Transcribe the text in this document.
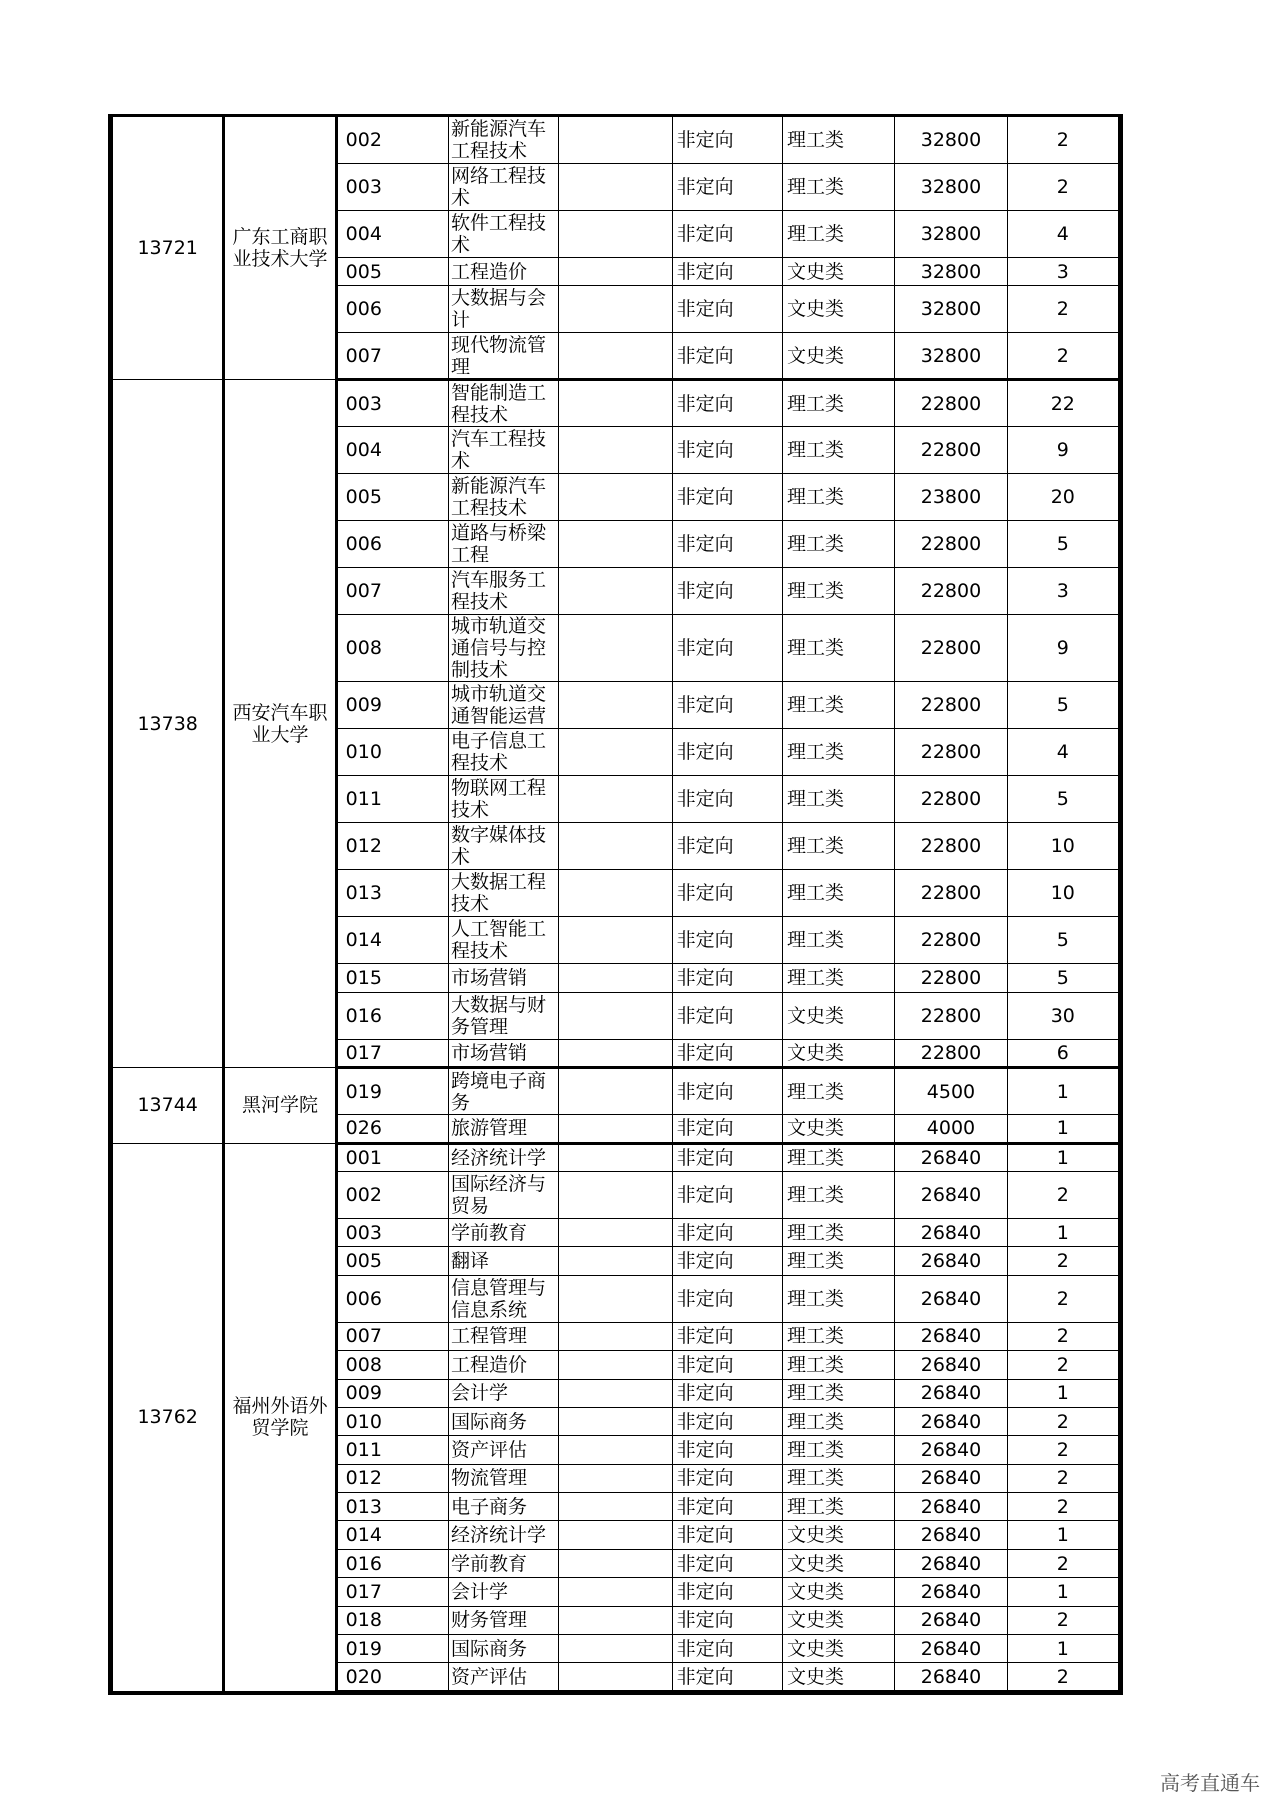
13721	广东工商职业技术大学	002	新能源汽车工程技术		非定向	理工类	32800	2
		003	网络工程技术		非定向	理工类	32800	2
		004	软件工程技术		非定向	理工类	32800	4
		005	工程造价		非定向	文史类	32800	3
		006	大数据与会计		非定向	文史类	32800	2
		007	现代物流管理		非定向	文史类	32800	2
13738	西安汽车职业大学	003	智能制造工程技术		非定向	理工类	22800	22
		004	汽车工程技术		非定向	理工类	22800	9
		005	新能源汽车工程技术		非定向	理工类	23800	20
		006	道路与桥梁工程		非定向	理工类	22800	5
		007	汽车服务工程技术		非定向	理工类	22800	3
		008	城市轨道交通信号与控制技术		非定向	理工类	22800	9
		009	城市轨道交通智能运营		非定向	理工类	22800	5
		010	电子信息工程技术		非定向	理工类	22800	4
		011	物联网工程技术		非定向	理工类	22800	5
		012	数字媒体技术		非定向	理工类	22800	10
		013	大数据工程技术		非定向	理工类	22800	10
		014	人工智能工程技术		非定向	理工类	22800	5
		015	市场营销		非定向	理工类	22800	5
		016	大数据与财务管理		非定向	文史类	22800	30
		017	市场营销		非定向	文史类	22800	6
13744	黑河学院	019	跨境电子商务		非定向	理工类	4500	1
		026	旅游管理		非定向	文史类	4000	1
13762	福州外语外贸学院	001	经济统计学		非定向	理工类	26840	1
		002	国际经济与贸易		非定向	理工类	26840	2
		003	学前教育		非定向	理工类	26840	1
		005	翻译		非定向	理工类	26840	2
		006	信息管理与信息系统		非定向	理工类	26840	2
		007	工程管理		非定向	理工类	26840	2
		008	工程造价		非定向	理工类	26840	2
		009	会计学		非定向	理工类	26840	1
		010	国际商务		非定向	理工类	26840	2
		011	资产评估		非定向	理工类	26840	2
		012	物流管理		非定向	理工类	26840	2
		013	电子商务		非定向	理工类	26840	2
		014	经济统计学		非定向	文史类	26840	1
		016	学前教育		非定向	文史类	26840	2
		017	会计学		非定向	文史类	26840	1
		018	财务管理		非定向	文史类	26840	2
		019	国际商务		非定向	文史类	26840	1
		020	资产评估		非定向	文史类	26840	2
高考直通车
